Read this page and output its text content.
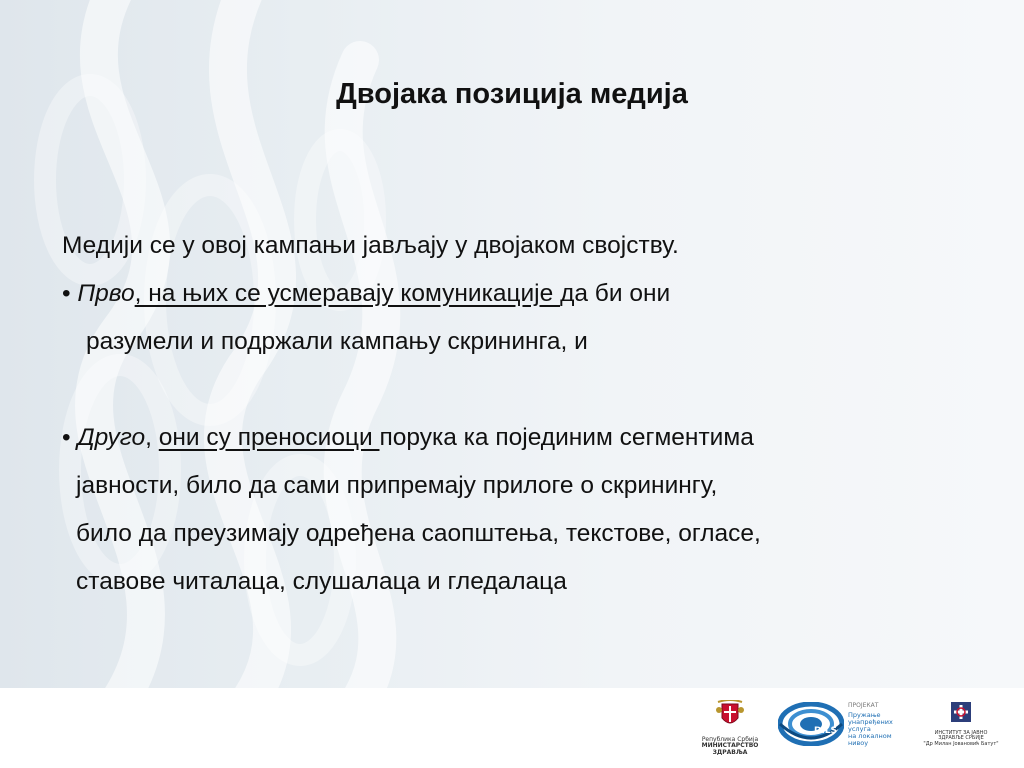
Двојака позиција медија
Медији се у овој кампањи јављају у двојаком својству.
• Прво, на њих се усмеравају комуникације да би они
разумели и подржали кампању скрининга, и
• Друго, они су преносиоци порука ка појединим сегментима
јавности, било да сами припремају прилоге о скринингу,
било да преузимају одређена саопштења, текстове, огласе,
ставове читалаца, слушалаца и гледалаца
Република Србија
МИНИСТАРСТВО ЗДРАВЉА
DILS
ПРОЈЕКАТ
Пружање
унапређених услуга
на локалном нивоу
ИНСТИТУТ ЗА ЈАВНО ЗДРАВЉЕ СРБИЈЕ
"Др Милан Јовановић Батут"
